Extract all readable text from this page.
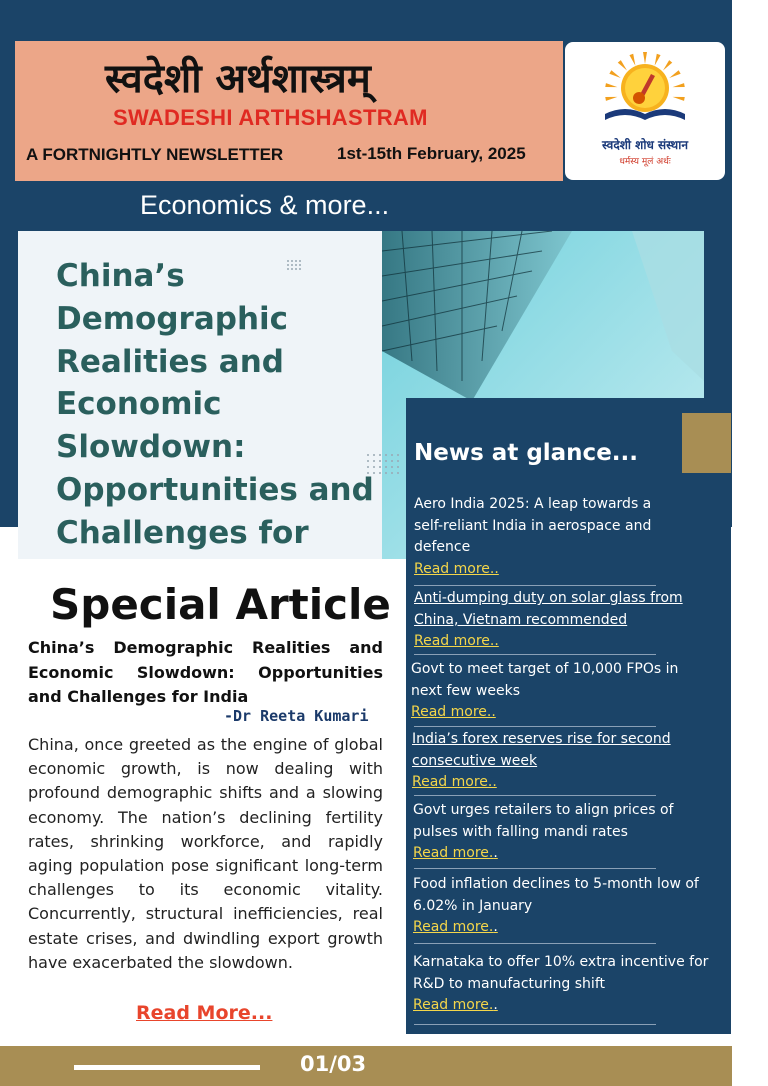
स्वदेशी अर्थशास्त्रम्
SWADESHI ARTHSHASTRAM
A FORTNIGHTLY NEWSLETTER	1st-15th February, 2025	स्वदेशी शोध संस्थान
धर्मस्य मूलं अर्थः
Economics & more...
China’s Demographic Realities and Economic Slowdown: Opportunities and Challenges for
News at glance...
Aero India 2025: A leap towards a self-reliant India in aerospace and defence
Read more..
Anti-dumping duty on solar glass from China, Vietnam recommended
Read more..
Govt to meet target of 10,000 FPOs in next few weeks
Read more..
India’s forex reserves rise for second consecutive week
Read more..
Govt urges retailers to align prices of pulses with falling mandi rates
Read more..
Food inflation declines to 5-month low of 6.02% in January
Read more..
Karnataka to offer 10% extra incentive for R&D to manufacturing shift
Read more..
Special Article
China’s Demographic Realities and Economic Slowdown: Opportunities and Challenges for India
-Dr Reeta Kumari
China, once greeted as the engine of global economic growth, is now dealing with profound demographic shifts and a slowing economy. The nation’s declining fertility rates, shrinking workforce, and rapidly aging population pose significant long-term challenges to its economic vitality. Concurrently, structural inefficiencies, real estate crises, and dwindling export growth have exacerbated the slowdown.
Read More...
01/03
